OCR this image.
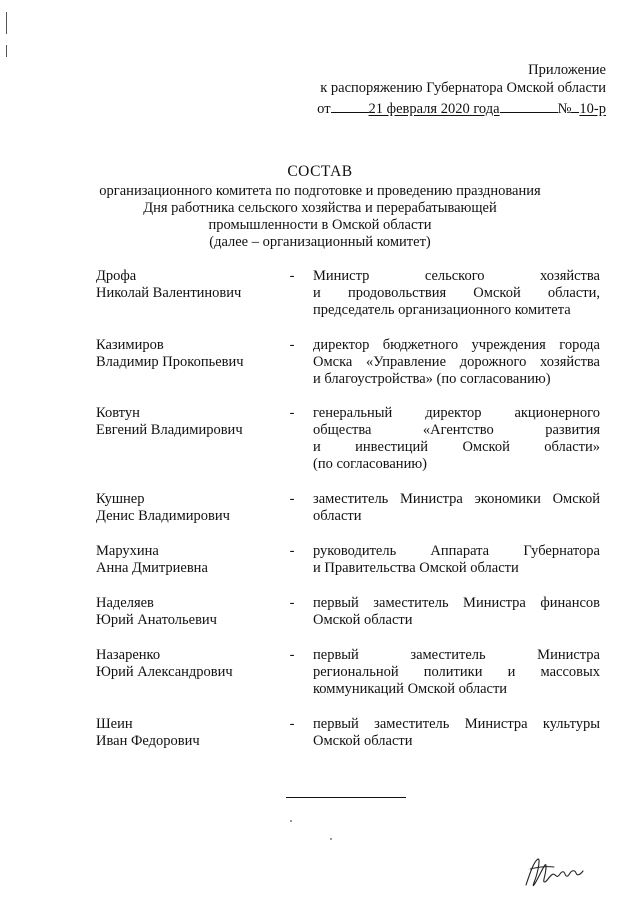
Приложение
к распоряжению Губернатора Омской области
от	21 февраля 2020 года	№ 10-р
СОСТАВ
организационного комитета по подготовке и проведению празднования
Дня работника сельского хозяйства и перерабатывающей
промышленности в Омской области
(далее – организационный комитет)
Дрофа
Николай Валентинович
- Министр сельского хозяйства
и продовольствия Омской области,
председатель организационного комитета
Казимиров
Владимир Прокопьевич
- директор бюджетного учреждения города
Омска «Управление дорожного хозяйства
и благоустройства» (по согласованию)
Ковтун
Евгений Владимирович
- генеральный директор акционерного
общества «Агентство развития
и инвестиций Омской области»
(по согласованию)
Кушнер
Денис Владимирович
- заместитель Министра экономики Омской
области
Марухина
Анна Дмитриевна
- руководитель Аппарата Губернатора
и Правительства Омской области
Наделяев
Юрий Анатольевич
- первый заместитель Министра финансов
Омской области
Назаренко
Юрий Александрович
- первый заместитель Министра
региональной политики и массовых
коммуникаций Омской области
Шеин
Иван Федорович
- первый заместитель Министра культуры
Омской области
